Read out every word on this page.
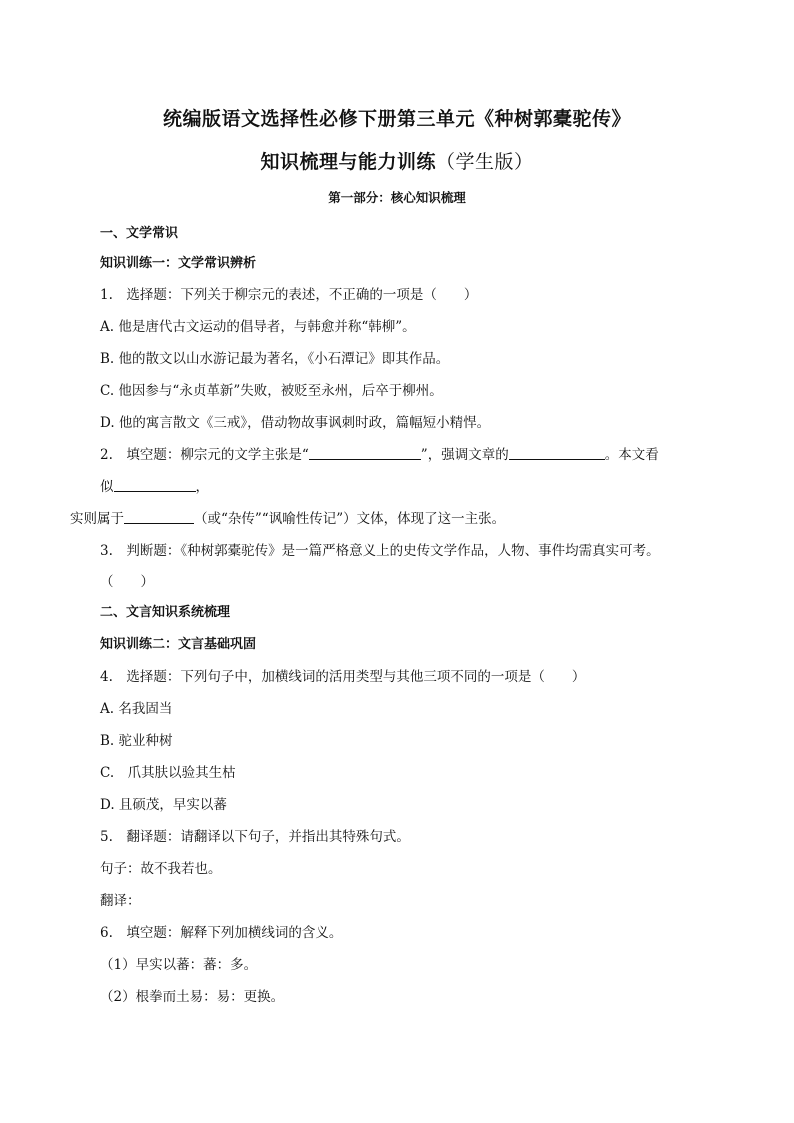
统编版语文选择性必修下册第三单元《种树郭橐驼传》
知识梳理与能力训练（学生版）
第一部分：核心知识梳理
一、文学常识
知识训练一：文学常识辨析
1.　选择题：下列关于柳宗元的表述，不正确的一项是（　　）
A. 他是唐代古文运动的倡导者，与韩愈并称“韩柳”。
B. 他的散文以山水游记最为著名，《小石潭记》即其作品。
C. 他因参与“永贞革新”失败，被贬至永州，后卒于柳州。
D. 他的寓言散文《三戒》，借动物故事讽刺时政，篇幅短小精悍。
2.　填空题：柳宗元的文学主张是“	”，强调文章的	。本文看
似	，
实则属于	（或“杂传”“讽喻性传记”）文体，体现了这一主张。
3.　判断题：《种树郭橐驼传》是一篇严格意义上的史传文学作品，人物、事件均需真实可考。
（　　）
二、文言知识系统梳理
知识训练二：文言基础巩固
4.　选择题：下列句子中，加横线词的活用类型与其他三项不同的一项是（　　）
A. 名我固当
B. 驼业种树
C.　爪其肤以验其生枯
D. 且硕茂，早实以蕃
5.　翻译题：请翻译以下句子，并指出其特殊句式。
句子：故不我若也。
翻译：
6.　填空题：解释下列加横线词的含义。
（1）早实以蕃：蕃：多。
（2）根拳而土易：易：更换。
